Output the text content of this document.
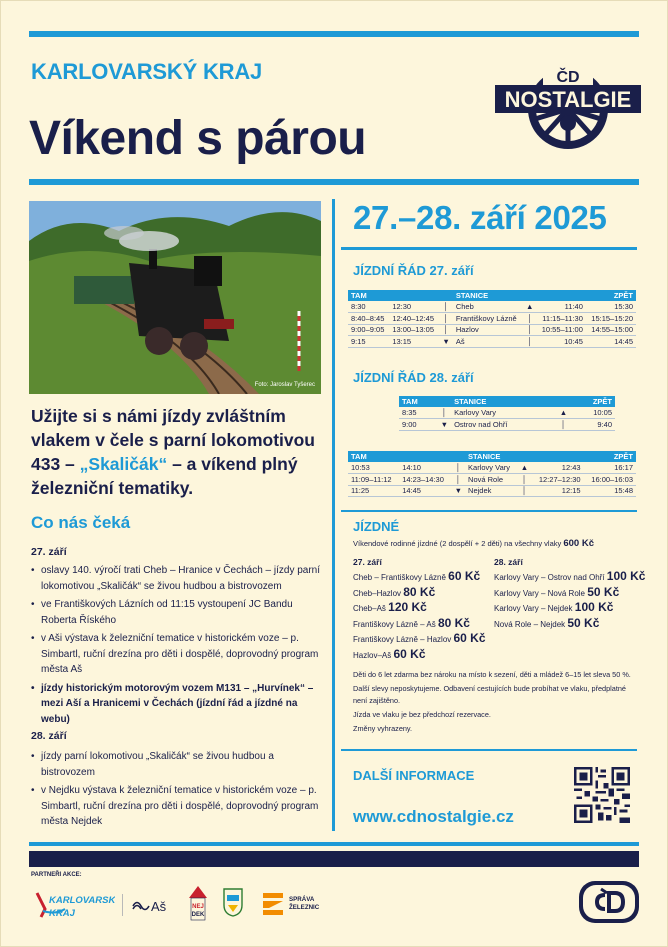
KARLOVARSKÝ KRAJ
Víkend s párou
ČD
NOSTALGIE
Foto: Jaroslav Tyšerec
Užijte si s námi jízdy zvláštním vlakem v čele s parní lokomotivou 433 – „Skaličák“ – a víkend plný železniční tematiky.
Co nás čeká
27. září
• oslavy 140. výročí trati Cheb – Hranice v Čechách – jízdy parní lokomotivou „Skaličák“ se živou hudbou a bistrovozem
• ve Františkových Lázních od 11:15 vystoupení JC Bandu Roberta Říského
• v Aši výstava k železniční tematice v historickém voze – p. Simbartl, ruční drezína pro děti i dospělé, doprovodný program města Aš
• jízdy historickým motorovým vozem M131 – „Hurvínek“ – mezi Aší a Hranicemi v Čechách (jízdní řád a jízdné na webu)
28. září
• jízdy parní lokomotivou „Skaličák“ se živou hudbou a bistrovozem
• v Nejdku výstava k železniční tematice v historickém voze – p. Simbartl, ruční drezína pro děti i dospělé, doprovodný program města Nejdek
27.–28. září 2025
JÍZDNÍ ŘÁD 27. září
TAM			STANICE			ZPĚT
8:30	12:30	│	Cheb	▲	11:40	15:30
8:40–8:45	12:40–12:45	│	Františkovy Lázně	│	11:15–11:30	15:15–15:20
9:00–9:05	13:00–13:05	│	Hazlov	│	10:55–11:00	14:55–15:00
9:15	13:15	▼	Aš	│	10:45	14:45
JÍZDNÍ ŘÁD 28. září
TAM		STANICE		ZPĚT
8:35	│	Karlovy Vary	▲	10:05
9:00	▼	Ostrov nad Ohří	│	9:40
TAM			STANICE			ZPĚT
10:53	14:10	│	Karlovy Vary	▲	12:43	16:17
11:09–11:12	14:23–14:30	│	Nová Role	│	12:27–12:30	16:00–16:03
11:25	14:45	▼	Nejdek	│	12:15	15:48
JÍZDNÉ
Víkendové rodinné jízdné (2 dospělí + 2 děti) na všechny vlaky 600 Kč
27. září
Cheb – Františkovy Lázně 60 Kč
Cheb–Hazlov 80 Kč
Cheb–Aš 120 Kč
Františkovy Lázně – Aš 80 Kč
Františkovy Lázně – Hazlov 60 Kč
Hazlov–Aš 60 Kč
28. září
Karlovy Vary – Ostrov nad Ohří 100 Kč
Karlovy Vary – Nová Role 50 Kč
Karlovy Vary – Nejdek 100 Kč
Nová Role – Nejdek 50 Kč

Děti do 6 let zdarma bez nároku na místo k sezení, děti a mládež 6–15 let sleva 50 %.

Další slevy neposkytujeme. Odbavení cestujících bude probíhat ve vlaku, předplatné není zajištěno.

Jízda ve vlaku je bez předchozí rezervace.

Změny vyhrazeny.

DALŠÍ INFORMACE
www.cdnostalgie.cz
PARTNEŘI AKCE:
KARLOVARSKÝ
KRAJ	Aš	NEJ
DEK
SPRÁVA
ŽELEZNIC
